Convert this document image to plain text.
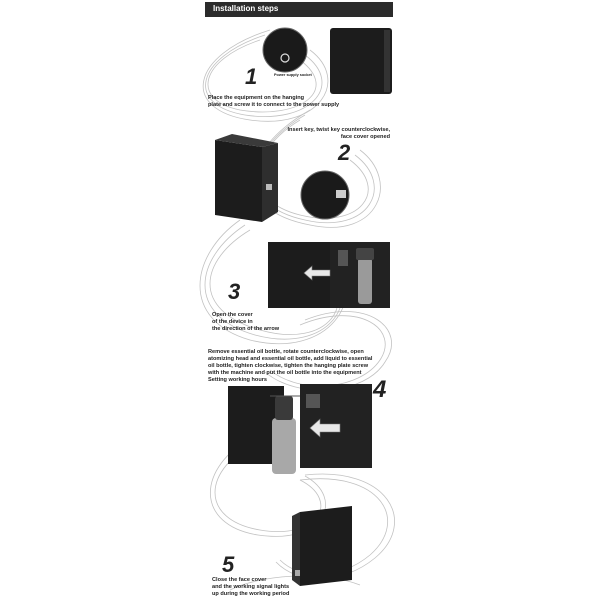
Installation steps
Power supply socket
1
Place the equipment on the hanging
plate and screw it to connect to the power supply
Insert key, twist key counterclockwise,
face cover opened
2
3
Open the cover
of the device in
the direction of the arrow
Remove essential oil bottle, rotate counterclockwise, open
atomizing head and essential oil bottle, add liquid to essential
oil bottle, tighten clockwise, tighten the hanging plate screw
with the machine and put the oil bottle into the equipment
Setting working hours	4
5
Close the face cover
and the working signal lights
up during the working period
